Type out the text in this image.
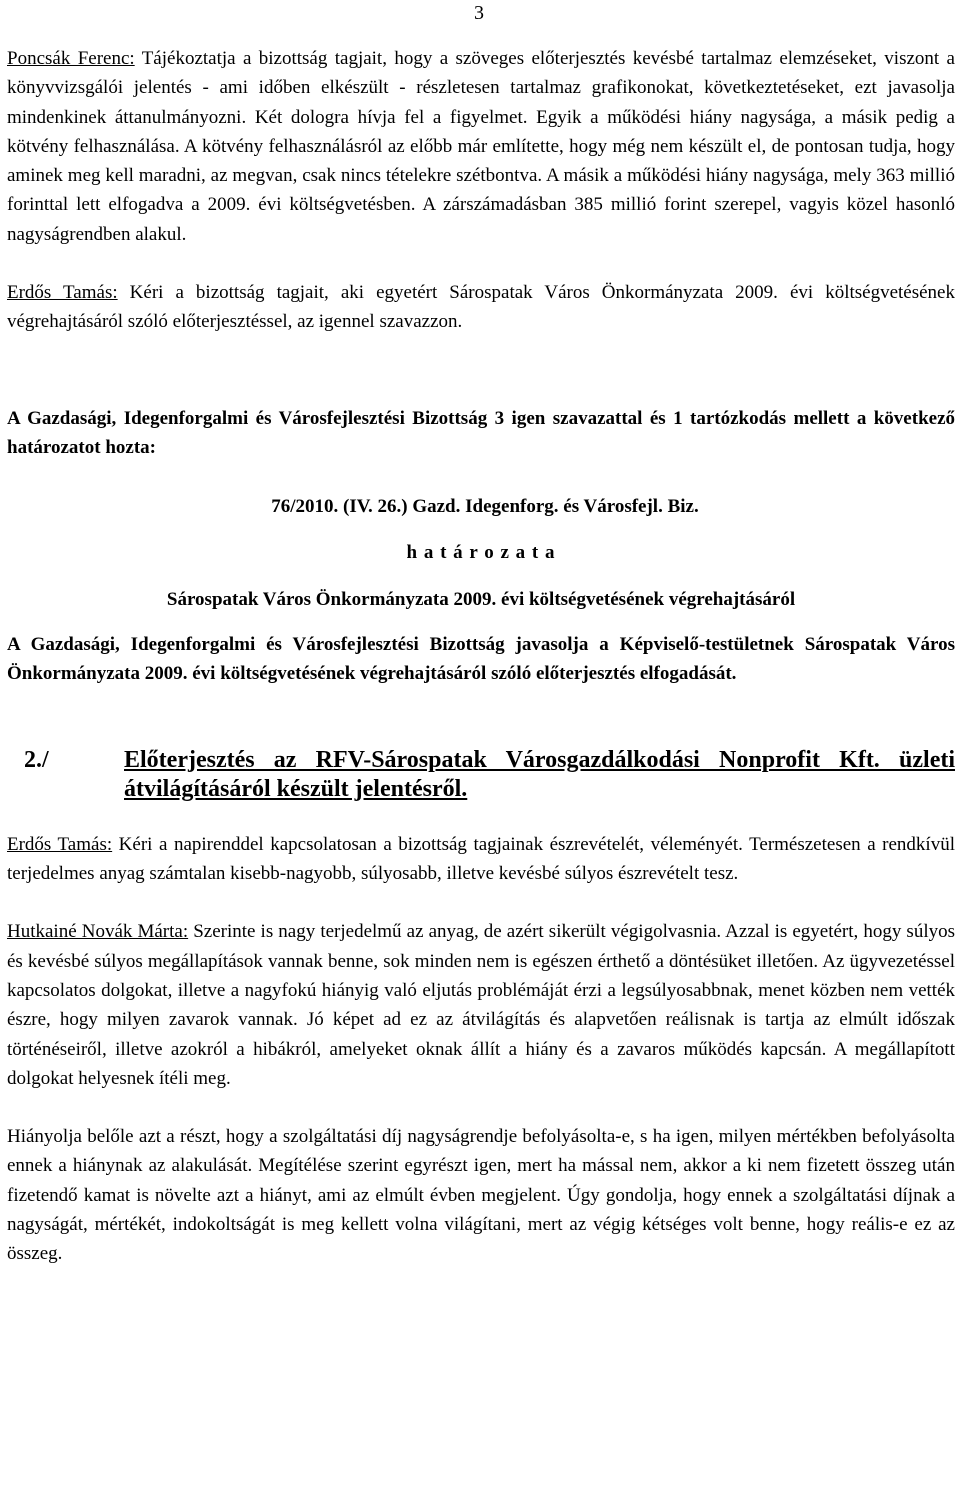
3

Poncsák Ferenc: Tájékoztatja a bizottság tagjait, hogy a szöveges előterjesztés kevésbé tartalmaz elemzéseket, viszont a könyvvizsgálói jelentés - ami időben elkészült - részletesen tartalmaz grafikonokat, következtetéseket, ezt javasolja mindenkinek áttanulmányozni. Két dologra hívja fel a figyelmet. Egyik a működési hiány nagysága, a másik pedig a kötvény felhasználása. A kötvény felhasználásról az előbb már említette, hogy még nem készült el, de pontosan tudja, hogy aminek meg kell maradni, az megvan, csak nincs tételekre szétbontva. A másik a működési hiány nagysága, mely 363 millió forinttal lett elfogadva a 2009. évi költségvetésben. A zárszámadásban 385 millió forint szerepel, vagyis közel hasonló nagyságrendben alakul.

Erdős Tamás: Kéri a bizottság tagjait, aki egyetért Sárospatak Város Önkormányzata 2009. évi költségvetésének végrehajtásáról szóló előterjesztéssel, az igennel szavazzon.

A Gazdasági, Idegenforgalmi és Városfejlesztési Bizottság 3 igen szavazattal és 1 tartózkodás mellett a következő határozatot hozta:

76/2010. (IV. 26.) Gazd. Idegenforg. és Városfejl. Biz.

h a t á r o z a t a

Sárospatak Város Önkormányzata 2009. évi költségvetésének végrehajtásáról

A Gazdasági, Idegenforgalmi és Városfejlesztési Bizottság javasolja a Képviselő-testületnek Sárospatak Város Önkormányzata 2009. évi költségvetésének végrehajtásáról szóló előterjesztés elfogadását.

2./	Előterjesztés az RFV-Sárospatak Városgazdálkodási Nonprofit Kft. üzleti átvilágításáról készült jelentésről.

Erdős Tamás: Kéri a napirenddel kapcsolatosan a bizottság tagjainak észrevételét, véleményét. Természetesen a rendkívül terjedelmes anyag számtalan kisebb-nagyobb, súlyosabb, illetve kevésbé súlyos észrevételt tesz.

Hutkainé Novák Márta: Szerinte is nagy terjedelmű az anyag, de azért sikerült végigolvasnia. Azzal is egyetért, hogy súlyos és kevésbé súlyos megállapítások vannak benne, sok minden nem is egészen érthető a döntésüket illetően. Az ügyvezetéssel kapcsolatos dolgokat, illetve a nagyfokú hiányig való eljutás problémáját érzi a legsúlyosabbnak, menet közben nem vették észre, hogy milyen zavarok vannak. Jó képet ad ez az átvilágítás és alapvetően reálisnak is tartja az elmúlt időszak történéseiről, illetve azokról a hibákról, amelyeket oknak állít a hiány és a zavaros működés kapcsán. A megállapított dolgokat helyesnek ítéli meg.

Hiányolja belőle azt a részt, hogy a szolgáltatási díj nagyságrendje befolyásolta-e, s ha igen, milyen mértékben befolyásolta ennek a hiánynak az alakulását. Megítélése szerint egyrészt igen, mert ha mással nem, akkor a ki nem fizetett összeg után fizetendő kamat is növelte azt a hiányt, ami az elmúlt évben megjelent. Úgy gondolja, hogy ennek a szolgáltatási díjnak a nagyságát, mértékét, indokoltságát is meg kellett volna világítani, mert az végig kétséges volt benne, hogy reális-e ez az összeg.
